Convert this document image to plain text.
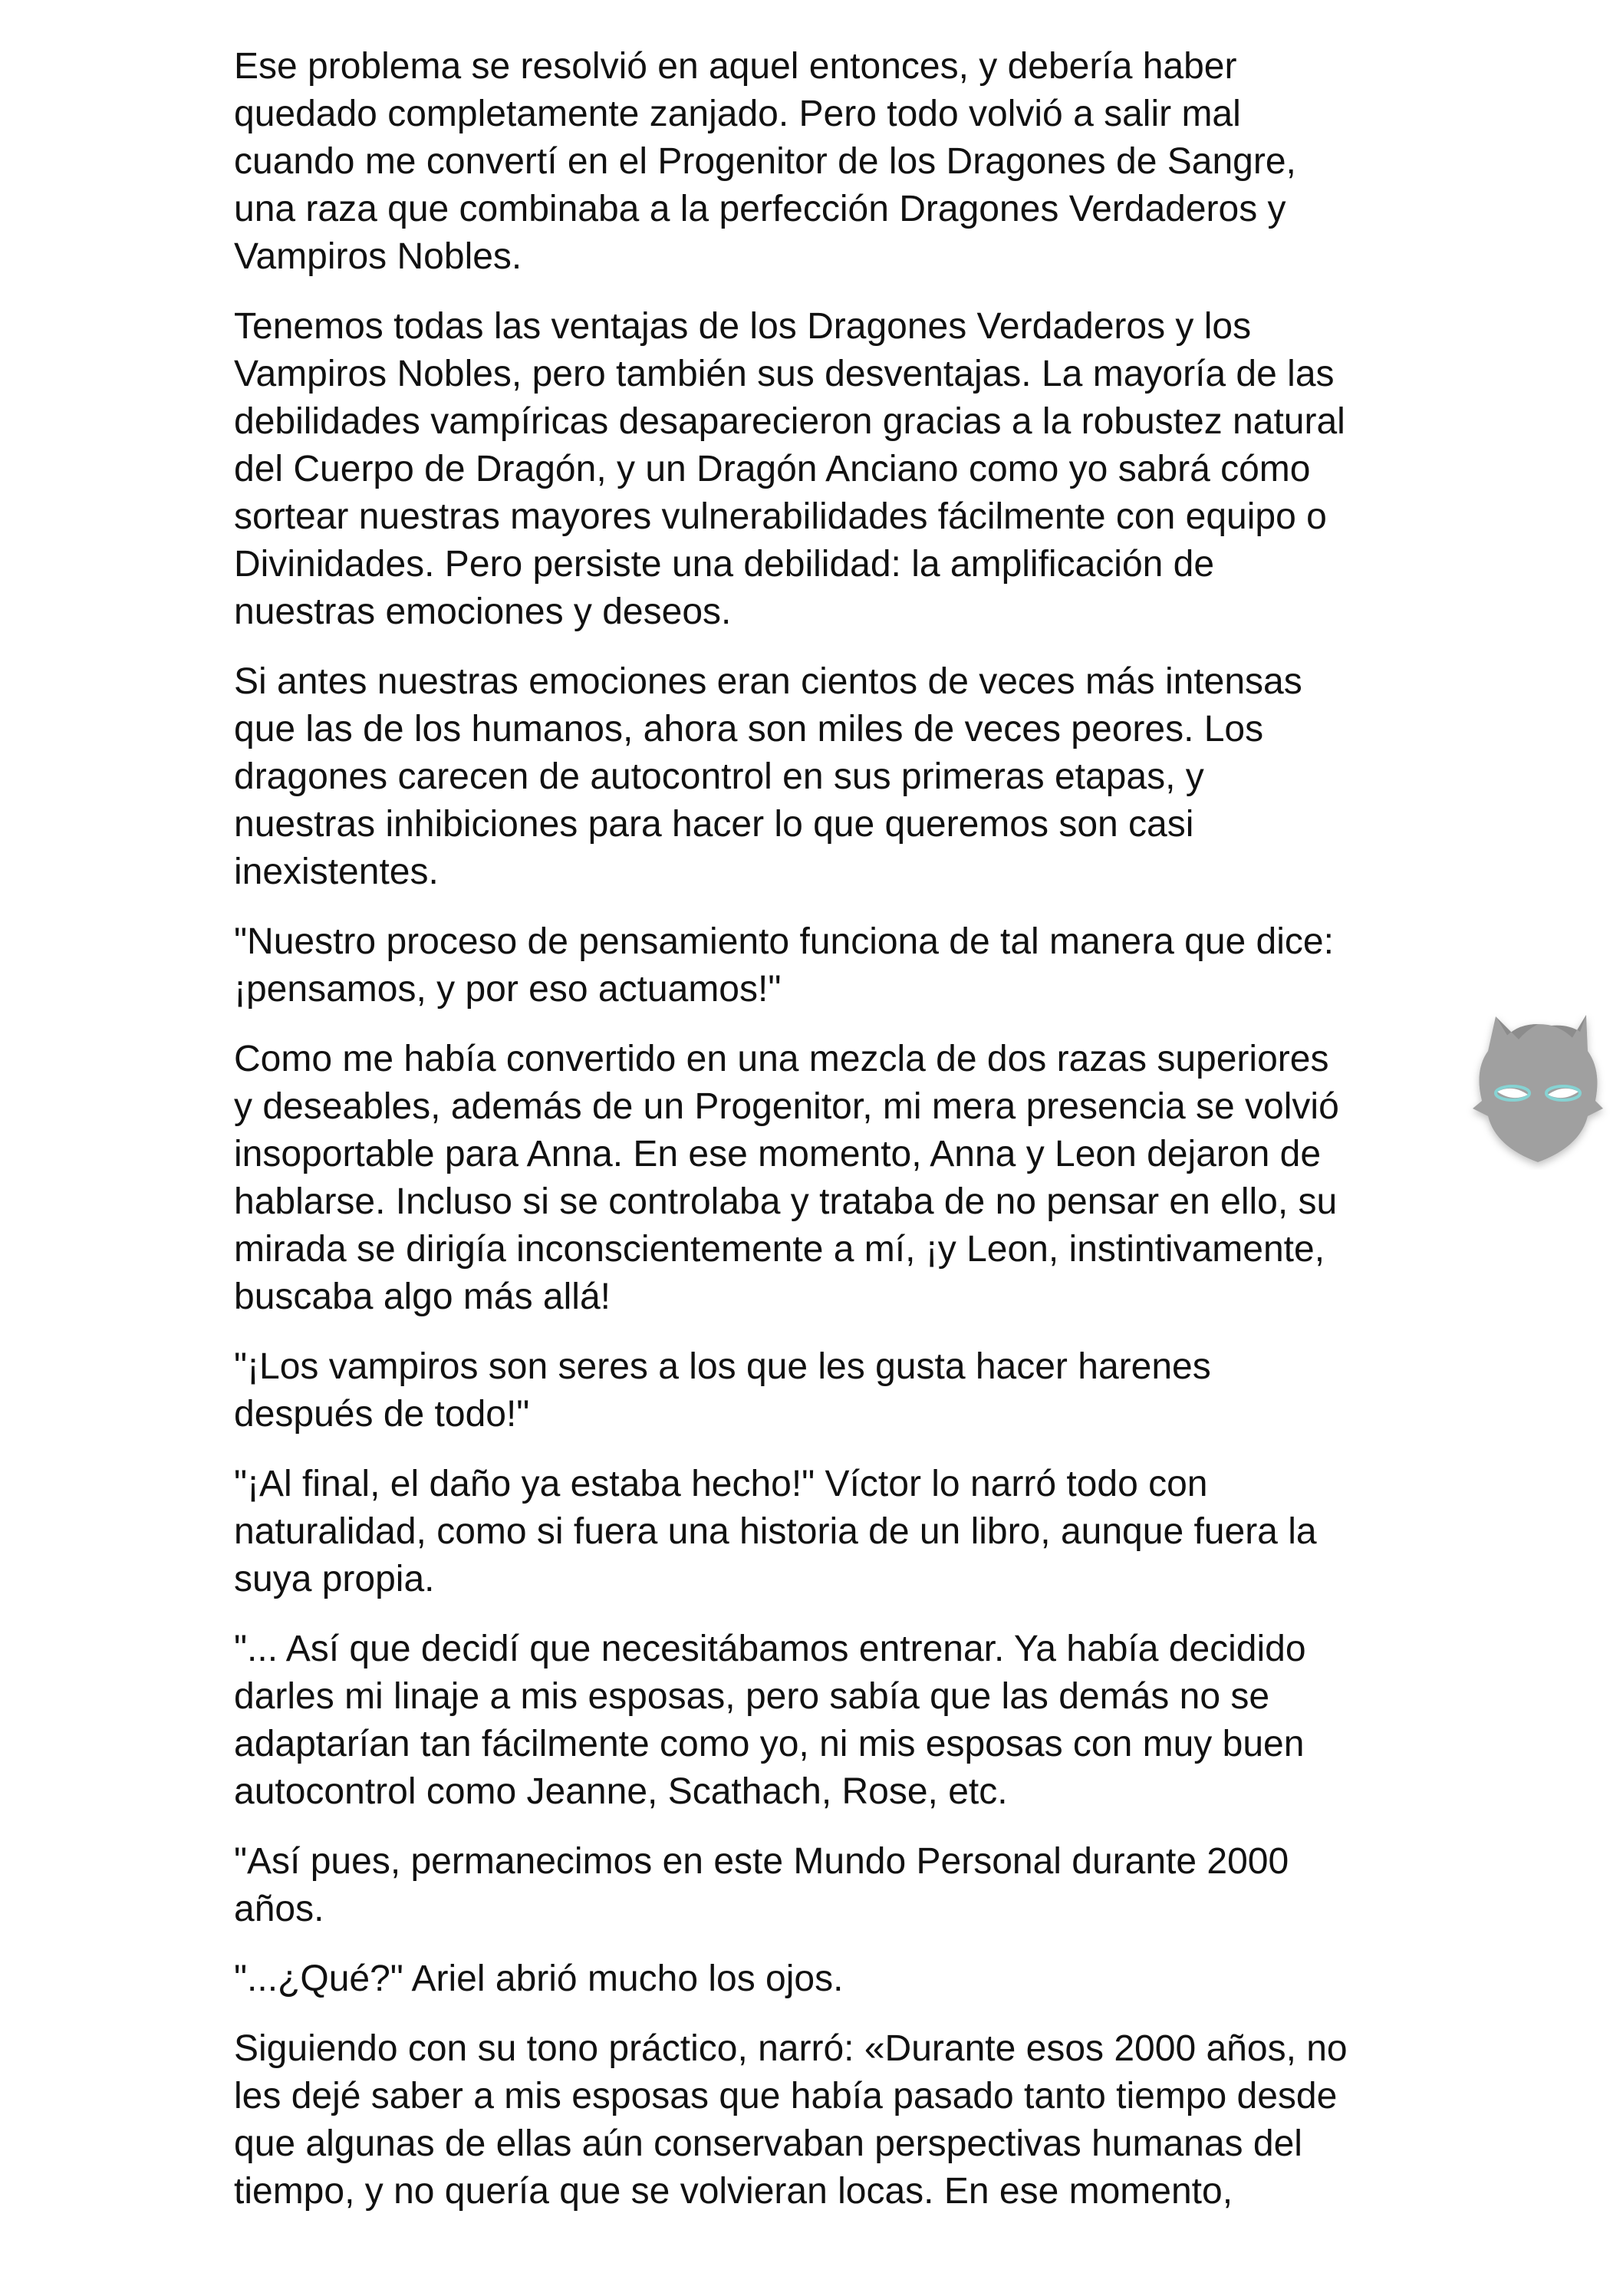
Ese problema se resolvió en aquel entonces, y debería haber
quedado completamente zanjado. Pero todo volvió a salir mal
cuando me convertí en el Progenitor de los Dragones de Sangre,
una raza que combinaba a la perfección Dragones Verdaderos y
Vampiros Nobles.

Tenemos todas las ventajas de los Dragones Verdaderos y los
Vampiros Nobles, pero también sus desventajas. La mayoría de las
debilidades vampíricas desaparecieron gracias a la robustez natural
del Cuerpo de Dragón, y un Dragón Anciano como yo sabrá cómo
sortear nuestras mayores vulnerabilidades fácilmente con equipo o
Divinidades. Pero persiste una debilidad: la amplificación de
nuestras emociones y deseos.

Si antes nuestras emociones eran cientos de veces más intensas
que las de los humanos, ahora son miles de veces peores. Los
dragones carecen de autocontrol en sus primeras etapas, y
nuestras inhibiciones para hacer lo que queremos son casi
inexistentes.

"Nuestro proceso de pensamiento funciona de tal manera que dice:
¡pensamos, y por eso actuamos!"

Como me había convertido en una mezcla de dos razas superiores
y deseables, además de un Progenitor, mi mera presencia se volvió
insoportable para Anna. En ese momento, Anna y Leon dejaron de
hablarse. Incluso si se controlaba y trataba de no pensar en ello, su
mirada se dirigía inconscientemente a mí, ¡y Leon, instintivamente,
buscaba algo más allá!

"¡Los vampiros son seres a los que les gusta hacer harenes
después de todo!"

"¡Al final, el daño ya estaba hecho!" Víctor lo narró todo con
naturalidad, como si fuera una historia de un libro, aunque fuera la
suya propia.

"... Así que decidí que necesitábamos entrenar. Ya había decidido
darles mi linaje a mis esposas, pero sabía que las demás no se
adaptarían tan fácilmente como yo, ni mis esposas con muy buen
autocontrol como Jeanne, Scathach, Rose, etc.

"Así pues, permanecimos en este Mundo Personal durante 2000
años.

"...¿Qué?" Ariel abrió mucho los ojos.

Siguiendo con su tono práctico, narró: «Durante esos 2000 años, no
les dejé saber a mis esposas que había pasado tanto tiempo desde
que algunas de ellas aún conservaban perspectivas humanas del
tiempo, y no quería que se volvieran locas. En ese momento,
